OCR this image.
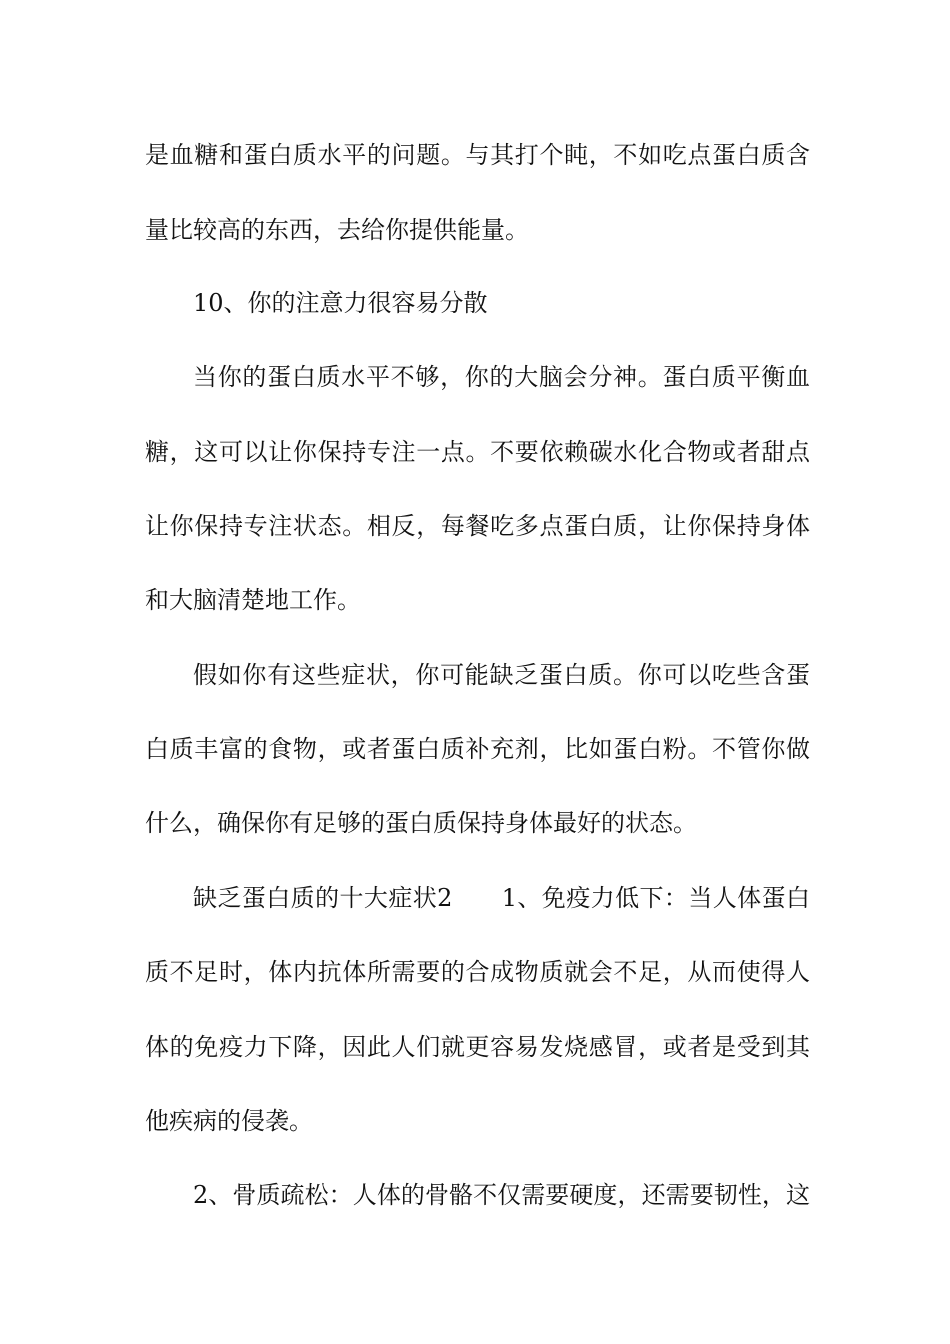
是血糖和蛋白质水平的问题。与其打个盹，不如吃点蛋白质含
量比较高的东西，去给你提供能量。
10、你的注意力很容易分散
当你的蛋白质水平不够，你的大脑会分神。蛋白质平衡血
糖，这可以让你保持专注一点。不要依赖碳水化合物或者甜点
让你保持专注状态。相反，每餐吃多点蛋白质，让你保持身体
和大脑清楚地工作。
假如你有这些症状，你可能缺乏蛋白质。你可以吃些含蛋
白质丰富的食物，或者蛋白质补充剂，比如蛋白粉。不管你做
什么，确保你有足够的蛋白质保持身体最好的状态。
缺乏蛋白质的十大症状2　　1、免疫力低下：当人体蛋白
质不足时，体内抗体所需要的合成物质就会不足，从而使得人
体的免疫力下降，因此人们就更容易发烧感冒，或者是受到其
他疾病的侵袭。
2、骨质疏松：人体的骨骼不仅需要硬度，还需要韧性，这
